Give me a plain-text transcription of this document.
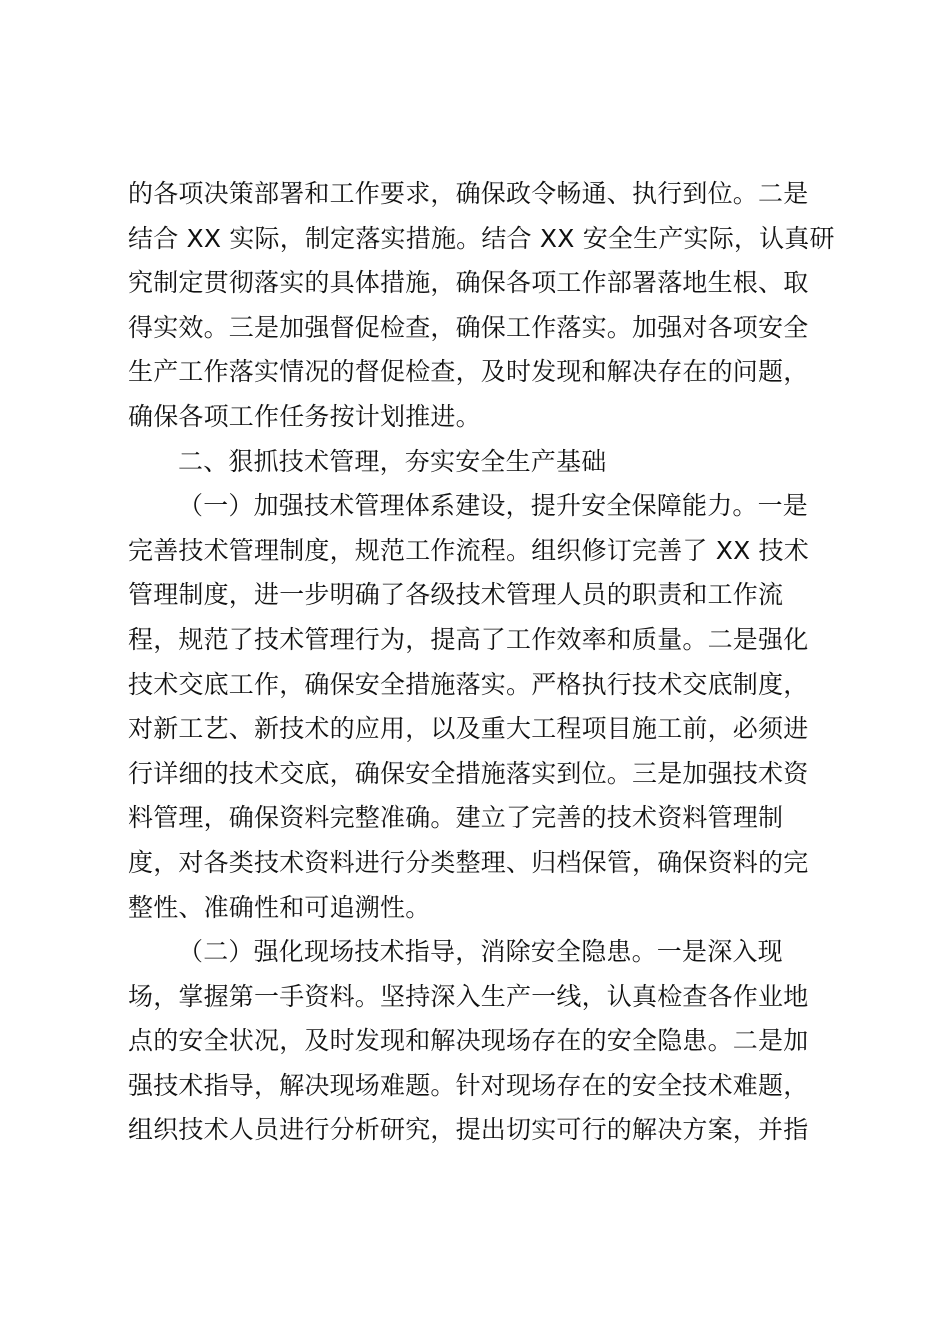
的各项决策部署和工作要求，确保政令畅通、执行到位。二是
结合 XX 实际，制定落实措施。结合 XX 安全生产实际，认真研
究制定贯彻落实的具体措施，确保各项工作部署落地生根、取
得实效。三是加强督促检查，确保工作落实。加强对各项安全
生产工作落实情况的督促检查，及时发现和解决存在的问题，
确保各项工作任务按计划推进。
二、狠抓技术管理，夯实安全生产基础
（一）加强技术管理体系建设，提升安全保障能力。一是
完善技术管理制度，规范工作流程。组织修订完善了 XX 技术
管理制度，进一步明确了各级技术管理人员的职责和工作流
程，规范了技术管理行为，提高了工作效率和质量。二是强化
技术交底工作，确保安全措施落实。严格执行技术交底制度，
对新工艺、新技术的应用，以及重大工程项目施工前，必须进
行详细的技术交底，确保安全措施落实到位。三是加强技术资
料管理，确保资料完整准确。建立了完善的技术资料管理制
度，对各类技术资料进行分类整理、归档保管，确保资料的完
整性、准确性和可追溯性。
（二）强化现场技术指导，消除安全隐患。一是深入现
场，掌握第一手资料。坚持深入生产一线，认真检查各作业地
点的安全状况，及时发现和解决现场存在的安全隐患。二是加
强技术指导，解决现场难题。针对现场存在的安全技术难题，
组织技术人员进行分析研究，提出切实可行的解决方案，并指
